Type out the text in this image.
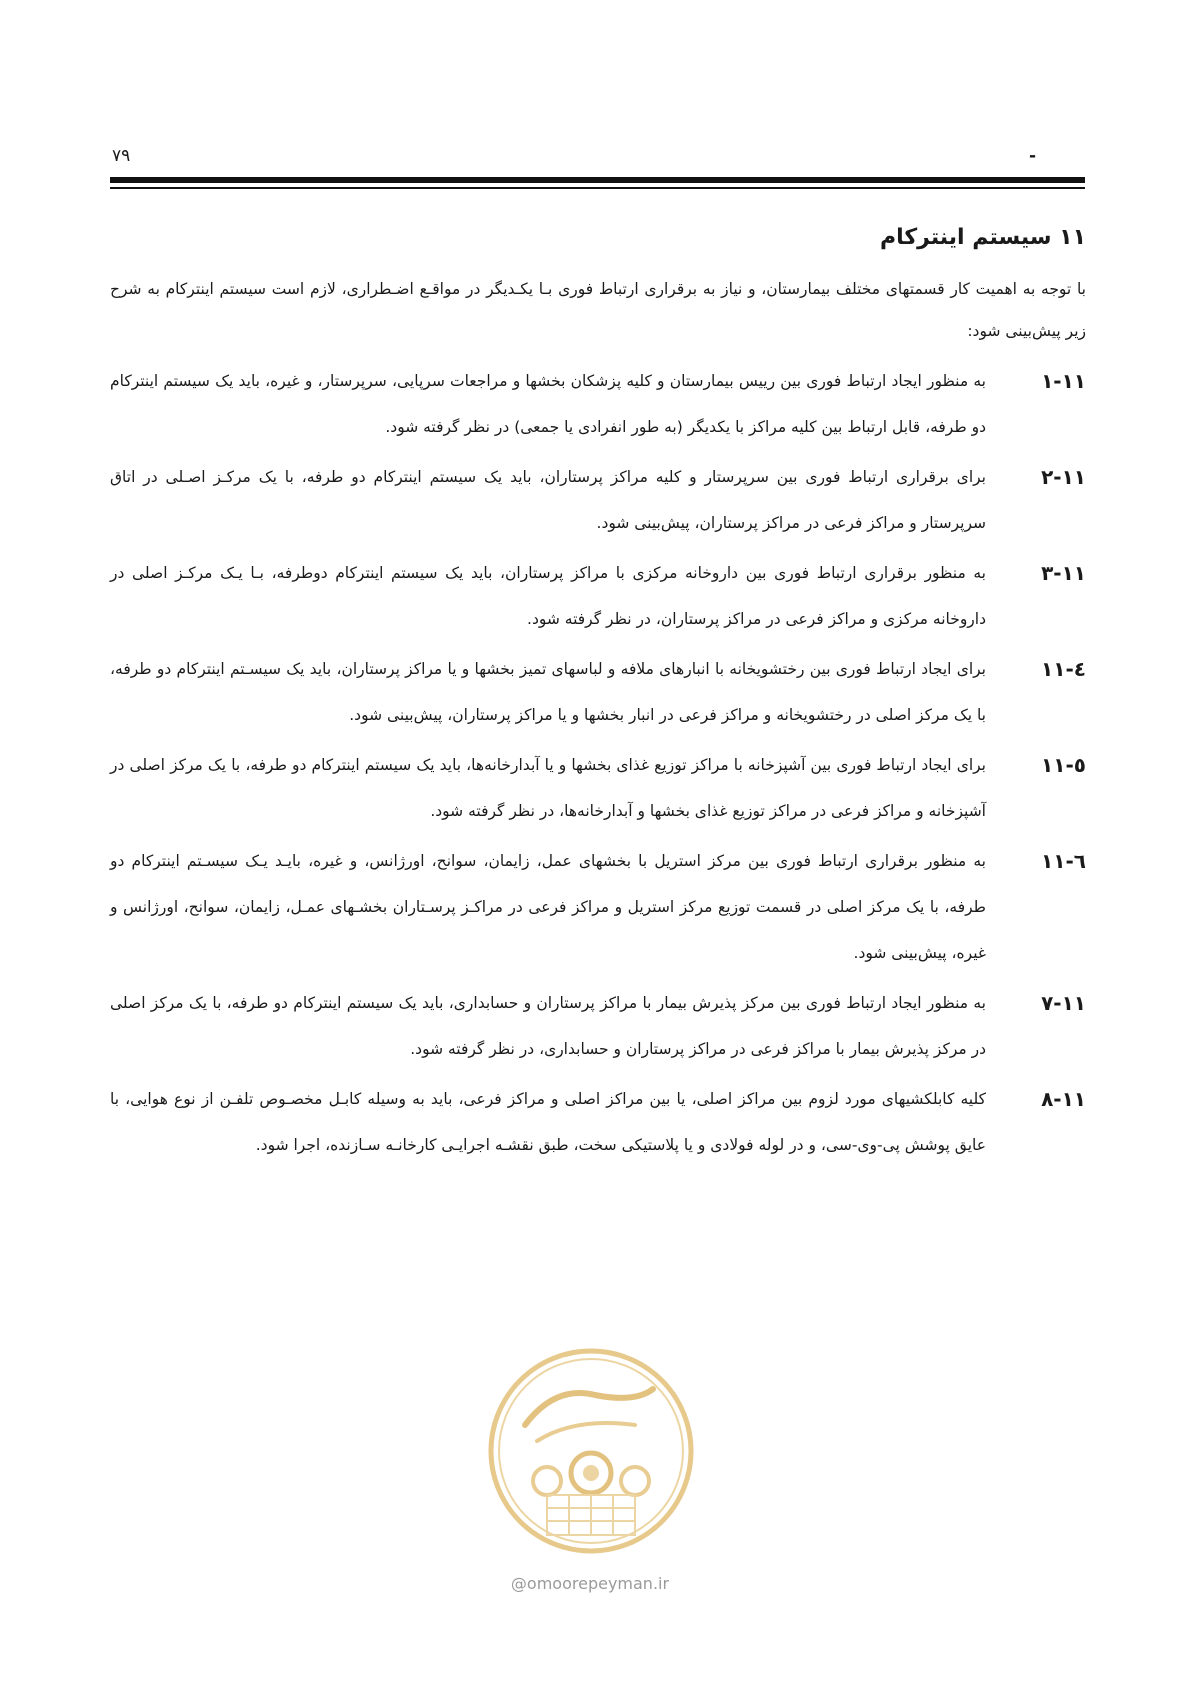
۷۹	-
۱۱ سیستم اینترکام

با توجه به اهمیت کار قسمتهای مختلف بیمارستان، و نیاز به برقراری ارتباط فوری بـا یکـدیگر در مواقـع اضـطراری، لازم است سیستم اینترکام به شرح زیر پیش‌بینی شود:

۱-۱۱
به منظور ایجاد ارتباط فوری بین رییس بیمارستان و کلیه پزشکان بخشها و مراجعات سرپایی، سرپرستار، و غیره، باید یک سیستم اینترکام دو طرفه، قابل ارتباط بین کلیه مراکز با یکدیگر (به طور انفرادی یا جمعی) در نظر گرفته شود.
۲-۱۱
برای برقراری ارتباط فوری بین سرپرستار و کلیه مراکز پرستاران، باید یک سیستم اینترکام دو طرفه، با یک مرکـز اصـلی در اتاق سرپرستار و مراکز فرعی در مراکز پرستاران، پیش‌بینی شود.
۳-۱۱
به منظور برقراری ارتباط فوری بین داروخانه مرکزی با مراکز پرستاران، باید یک سیستم اینترکام دوطرفه، بـا یـک مرکـز اصلی در داروخانه مرکزی و مراکز فرعی در مراکز پرستاران، در نظر گرفته شود.
٤-۱۱
برای ایجاد ارتباط فوری بین رختشویخانه با انبارهای ملافه و لباسهای تمیز بخشها و یا مراکز پرستاران، باید یک سیسـتم اینترکام دو طرفه، با یک مرکز اصلی در رختشویخانه و مراکز فرعی در انبار بخشها و یا مراکز پرستاران، پیش‌بینی شود.
٥-۱۱
برای ایجاد ارتباط فوری بین آشپزخانه با مراکز توزیع غذای بخشها و یا آبدارخانه‌ها، باید یک سیستم اینترکام دو طرفه، با یک مرکز اصلی در آشپزخانه و مراکز فرعی در مراکز توزیع غذای بخشها و آبدارخانه‌ها، در نظر گرفته شود.
٦-۱۱
به منظور برقراری ارتباط فوری بین مرکز استریل با بخشهای عمل، زایمان، سوانح، اورژانس، و غیره، بایـد یـک سیسـتم اینترکام دو طرفه، با یک مرکز اصلی در قسمت توزیع مرکز استریل و مراکز فرعی در مراکـز پرسـتاران بخشـهای عمـل، زایمان، سوانح، اورژانس و غیره، پیش‌بینی شود.
۷-۱۱
به منظور ایجاد ارتباط فوری بین مرکز پذیرش بیمار با مراکز پرستاران و حسابداری، باید یک سیستم اینترکام دو طرفه، با یک مرکز اصلی در مرکز پذیرش بیمار با مراکز فرعی در مراکز پرستاران و حسابداری، در نظر گرفته شود.
۸-۱۱
کلیه کابلکشیهای مورد لزوم بین مراکز اصلی، یا بین مراکز اصلی و مراکز فرعی، باید به وسیله کابـل مخصـوص تلفـن از نوع هوایی، با عایق پوشش پی-وی-سی، و در لوله فولادی و یا پلاستیکی سخت، طبق نقشـه اجرایـی کارخانـه سـازنده، اجرا شود.
@omoorepeyman.ir
